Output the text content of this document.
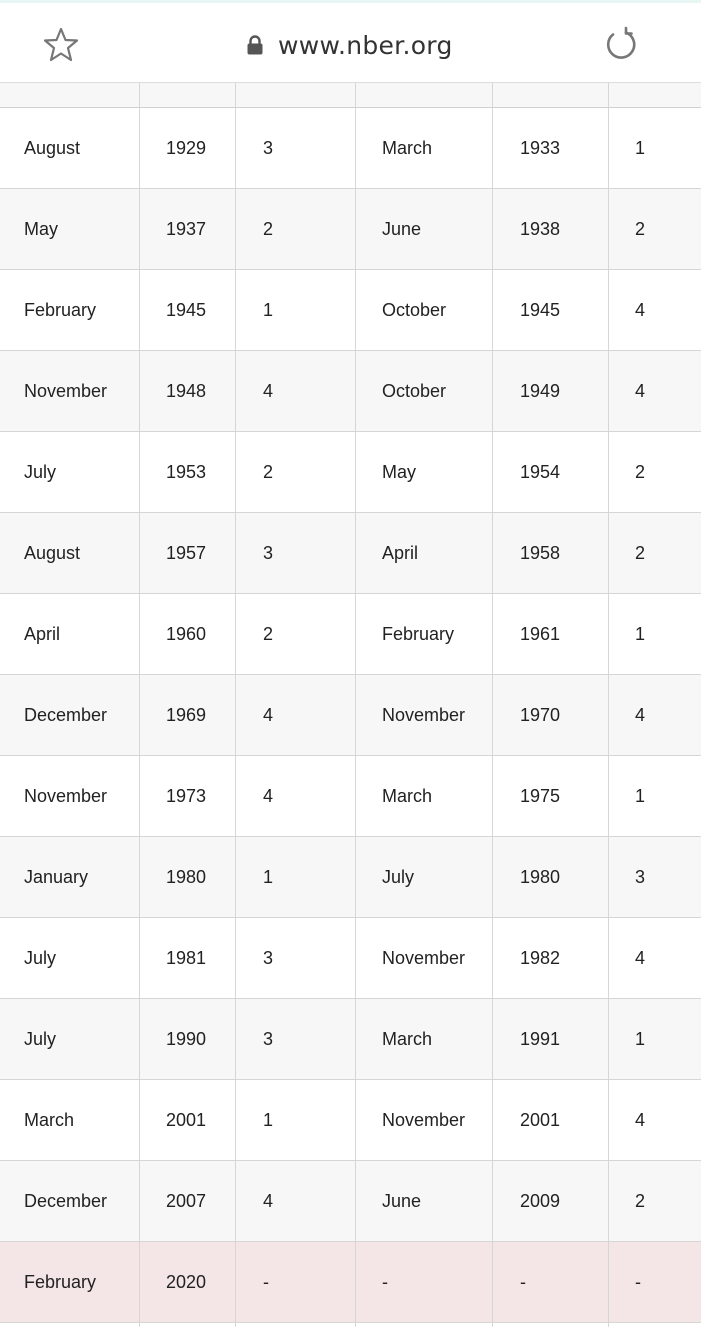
www.nber.org
August	1929	3	March	1933	1
May	1937	2	June	1938	2
February	1945	1	October	1945	4
November	1948	4	October	1949	4
July	1953	2	May	1954	2
August	1957	3	April	1958	2
April	1960	2	February	1961	1
December	1969	4	November	1970	4
November	1973	4	March	1975	1
January	1980	1	July	1980	3
July	1981	3	November	1982	4
July	1990	3	March	1991	1
March	2001	1	November	2001	4
December	2007	4	June	2009	2
February	2020	-	-	-	-
